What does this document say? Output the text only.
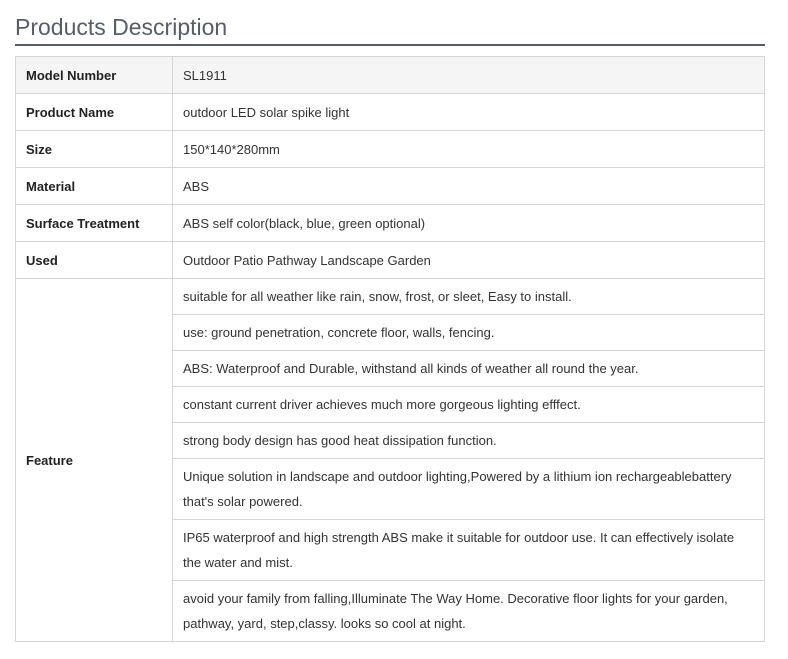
Products Description
Model Number	SL1911
Product Name	outdoor LED solar spike light
Size	150*140*280mm
Material	ABS
Surface Treatment	ABS self color(black, blue, green optional)
Used	Outdoor Patio Pathway Landscape Garden
Feature	suitable for all weather like rain, snow, frost, or sleet, Easy to install.
	use: ground penetration, concrete floor, walls, fencing.
	ABS: Waterproof and Durable, withstand all kinds of weather all round the year.
	constant current driver achieves much more gorgeous lighting efffect.
	strong body design has good heat dissipation function.
	Unique solution in landscape and outdoor lighting,Powered by a lithium ion rechargeablebattery that's solar powered.
	IP65 waterproof and high strength ABS make it suitable for outdoor use. It can effectively isolate the water and mist.
	avoid your family from falling,Illuminate The Way Home. Decorative floor lights for your garden, pathway, yard, step,classy. looks so cool at night.
